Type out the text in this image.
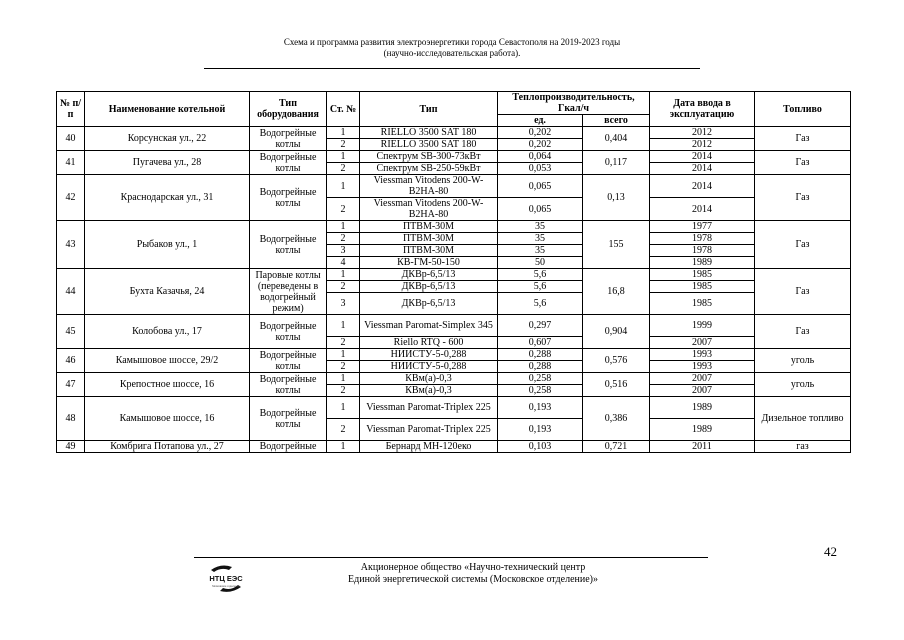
Схема и программа развития электроэнергетики города Севастополя на 2019-2023 годы
(научно-исследовательская работа).
№ п/п	Наименование котельной	Тип оборудования	Ст. №	Тип	Теплопроизводительность, Гкал/ч		Дата ввода в эксплуатацию	Топливо
					ед.	всего		
40	Корсунская ул., 22	Водогрейные котлы	1	RIELLO 3500 SAT 180	0,202	0,404	2012	Газ
			2	RIELLO 3500 SAT 180	0,202		2012	
41	Пугачева ул., 28	Водогрейные котлы	1	Спектрум SB-300-73кВт	0,064	0,117	2014	Газ
			2	Спектрум SB-250-59кВт	0,053		2014	
42	Краснодарская ул., 31	Водогрейные котлы	1	Viessman Vitodens 200-W-B2HA-80	0,065	0,13	2014	Газ
			2	Viessman Vitodens 200-W-B2HA-80	0,065		2014	
43	Рыбаков ул., 1	Водогрейные котлы	1	ПТВМ-30М	35	155	1977	Газ
			2	ПТВМ-30М	35		1978	
			3	ПТВМ-30М	35		1978	
			4	КВ-ГМ-50-150	50		1989	
44	Бухта Казачья, 24	Паровые котлы (переведены в водогрейный режим)	1	ДКВр-6,5/13	5,6	16,8	1985	Газ
			2	ДКВр-6,5/13	5,6		1985	
			3	ДКВр-6,5/13	5,6		1985	
45	Колобова ул., 17	Водогрейные котлы	1	Viessman Paromat-Simplex 345	0,297	0,904	1999	Газ
			2	Riello RTQ - 600	0,607		2007	
46	Камышовое шоссе, 29/2	Водогрейные котлы	1	НИИСТУ-5-0,288	0,288	0,576	1993	уголь
			2	НИИСТУ-5-0,288	0,288		1993	
47	Крепостное шоссе, 16	Водогрейные котлы	1	КВм(а)-0,3	0,258	0,516	2007	уголь
			2	КВм(а)-0,3	0,258		2007	
48	Камышовое шоссе, 16	Водогрейные котлы	1	Viessman Paromat-Triplex 225	0,193	0,386	1989	Дизельное топливо
			2	Viessman Paromat-Triplex 225	0,193		1989	
49	Комбрига Потапова ул., 27	Водогрейные	1	Бернард МН-120еко	0,103	0,721	2011	газ
42
НТЦ ЕЭС
Московское отделение
Акционерное общество «Научно-технический центр
Единой энергетической системы (Московское отделение)»
